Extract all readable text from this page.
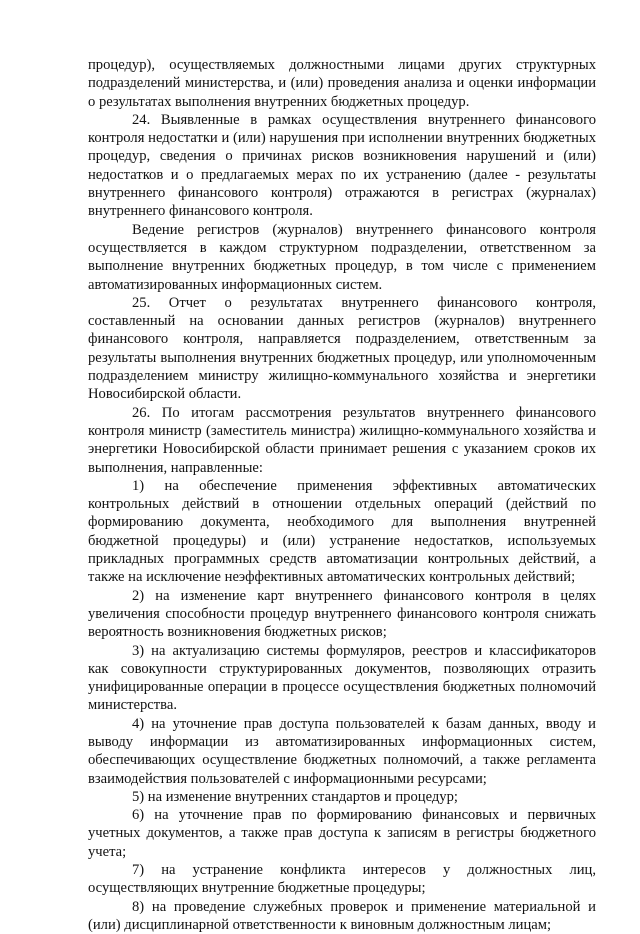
процедур), осуществляемых должностными лицами других структурных подразделений министерства, и (или) проведения анализа и оценки информации о результатах выполнения внутренних бюджетных процедур.

24. Выявленные в рамках осуществления внутреннего финансового контроля недостатки и (или) нарушения при исполнении внутренних бюджетных процедур, сведения о причинах рисков возникновения нарушений и (или) недостатков и о предлагаемых мерах по их устранению (далее - результаты внутреннего финансового контроля) отражаются в регистрах (журналах) внутреннего финансового контроля.

Ведение регистров (журналов) внутреннего финансового контроля осуществляется в каждом структурном подразделении, ответственном за выполнение внутренних бюджетных процедур, в том числе с применением автоматизированных информационных систем.

25. Отчет о результатах внутреннего финансового контроля, составленный на основании данных регистров (журналов) внутреннего финансового контроля, направляется подразделением, ответственным за результаты выполнения внутренних бюджетных процедур, или уполномоченным подразделением министру жилищно-коммунального хозяйства и энергетики Новосибирской области.

26. По итогам рассмотрения результатов внутреннего финансового контроля министр (заместитель министра) жилищно-коммунального хозяйства и энергетики Новосибирской области принимает решения с указанием сроков их выполнения, направленные:

1) на обеспечение применения эффективных автоматических контрольных действий в отношении отдельных операций (действий по формированию документа, необходимого для выполнения внутренней бюджетной процедуры) и (или) устранение недостатков, используемых прикладных программных средств автоматизации контрольных действий, а также на исключение неэффективных автоматических контрольных действий;

2) на изменение карт внутреннего финансового контроля в целях увеличения способности процедур внутреннего финансового контроля снижать вероятность возникновения бюджетных рисков;

3) на актуализацию системы формуляров, реестров и классификаторов как совокупности структурированных документов, позволяющих отразить унифицированные операции в процессе осуществления бюджетных полномочий министерства.

4) на уточнение прав доступа пользователей к базам данных, вводу и выводу информации из автоматизированных информационных систем, обеспечивающих осуществление бюджетных полномочий, а также регламента взаимодействия пользователей с информационными ресурсами;

5) на изменение внутренних стандартов и процедур;

6) на уточнение прав по формированию финансовых и первичных учетных документов, а также прав доступа к записям в регистры бюджетного учета;

7) на устранение конфликта интересов у должностных лиц, осуществляющих внутренние бюджетные процедуры;

8) на проведение служебных проверок и применение материальной и (или) дисциплинарной ответственности к виновным должностным лицам;
